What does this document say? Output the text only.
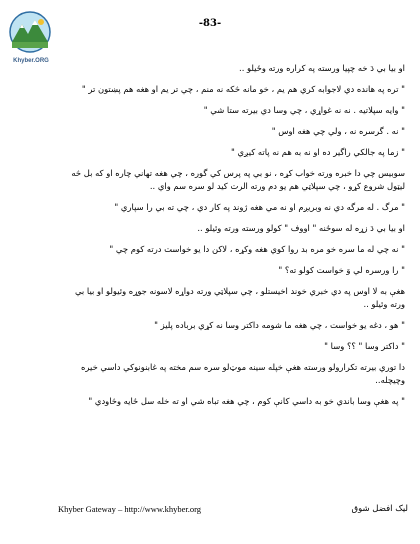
-83-
Khyber.ORG

او بيا بي دَ خه چپيا ورسته په کراره ورته وځيلو ..

" تره په هانده دي لاجوابه کري هم يم ، خو مانه څکه نه منم ، چي تر يم او هغه هم پښتون تر "

" وايه سپلاتيه . نه نه غواړي ، چي وسا دي بيرته ستا شي "

" نه . گرسره نه ، ولي چي هغه اوس "

" زما په جالکي راگير ده او نه به هم نه پاته کيږي "

سوبيس چي دا خبره ورته خواب کړه ، نو بي په پرس کي گوره ، چي هغه تهاني چاره او که بل څه ليټول شروع کړو ، چي سپلاټي هم يو دم ورته الرت کيد لو سره سم واي ..

" مرگ . له مرگه دي نه وبريږم او نه مي هغه ژوند په کار دي ، چي ته بي را سپاري "

او بيا بي دَ زړه له سوځنه " اووف " کولو ورسته ورته وئيلو ..

" نه چي له ما سره خو مره بد روا کوي هغه وکړه ، لاکن دا يو خواست درته کوم چي "

" را ورسره لي وَ خواست کولو ته؟ "

هغې به لا اوس په دي خبري خوند اخيستلو ، چي سپلاټي ورته دواړه لاسونه جوړه وئيولو او بيا بي ورته وئيلو ..

" هو ، دغه يو خواست ، چي هغه ما شومه داکتر وسا نه کړي برباده پليز "

" داکتر وسا " ؟؟ وسا "

دا توري بيرته تکرارولو ورسته هغې خپله سينه موټ‌لو سره سم مخته په غابنونوکي داسي خيره وچيچله..

" په هغې وسا باندي خو به داسي کانې کوم ، چي هغه تباه شي او ته خله سل ځايه وڅاودي "

Khyber Gateway – http://www.khyber.org	ليک افضل شوق
